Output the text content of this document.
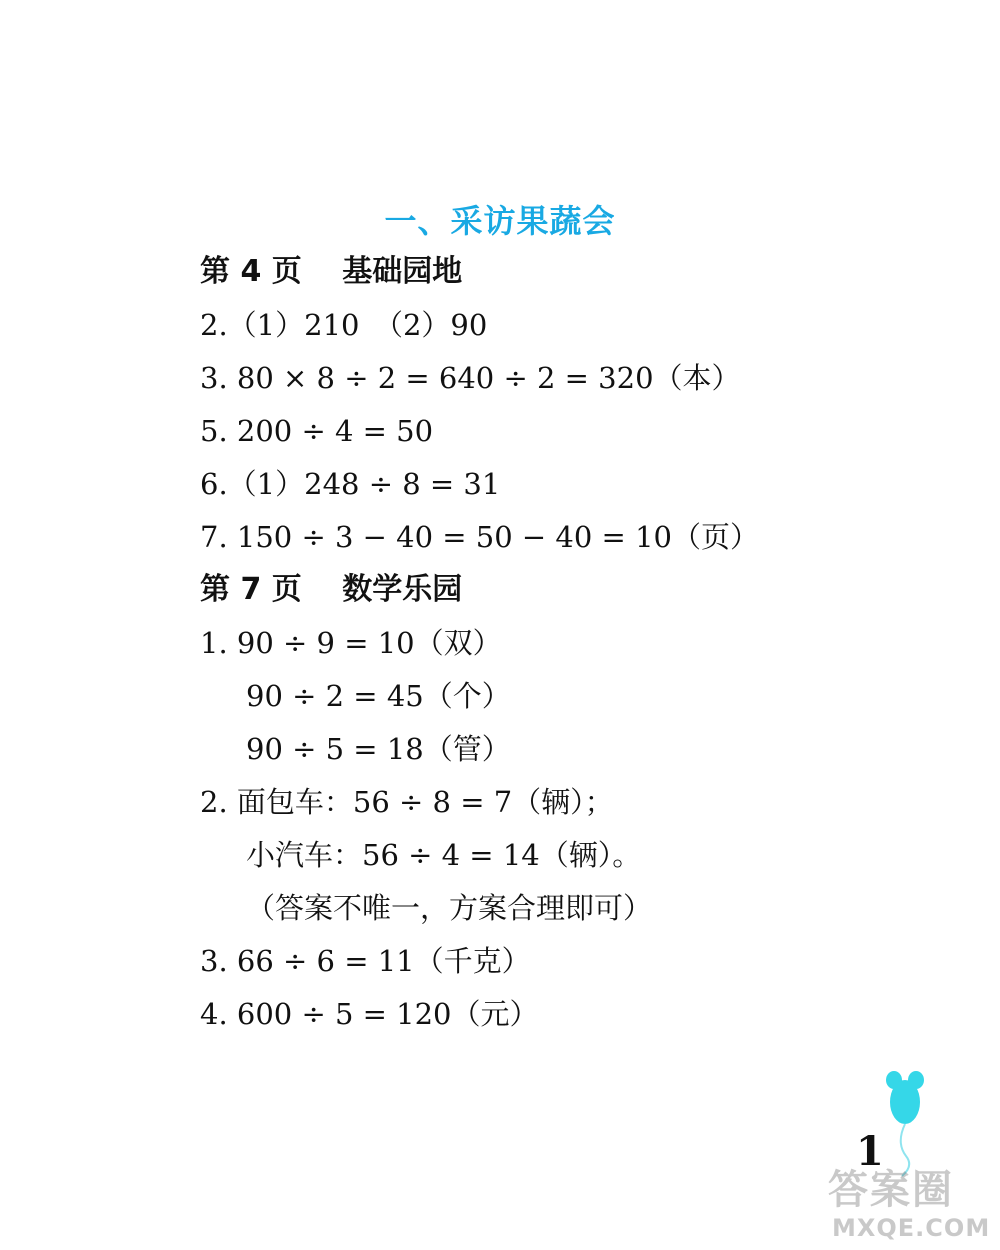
一、采访果蔬会
第 4 页　 基础园地
2.（1）210　（2）90
3. 80 × 8 ÷ 2 = 640 ÷ 2 = 320（本）
5. 200 ÷ 4 = 50
6.（1）248 ÷ 8 = 31
7. 150 ÷ 3 − 40 = 50 − 40 = 10（页）
第 7 页　 数学乐园
1. 90 ÷ 9 = 10（双）
90 ÷ 2 = 45（个）
90 ÷ 5 = 18（管）
2. 面包车：56 ÷ 8 = 7（辆）；
小汽车：56 ÷ 4 = 14（辆）。
（答案不唯一，方案合理即可）
3. 66 ÷ 6 = 11（千克）
4. 600 ÷ 5 = 120（元）
1
答案圈
MXQE.COM
